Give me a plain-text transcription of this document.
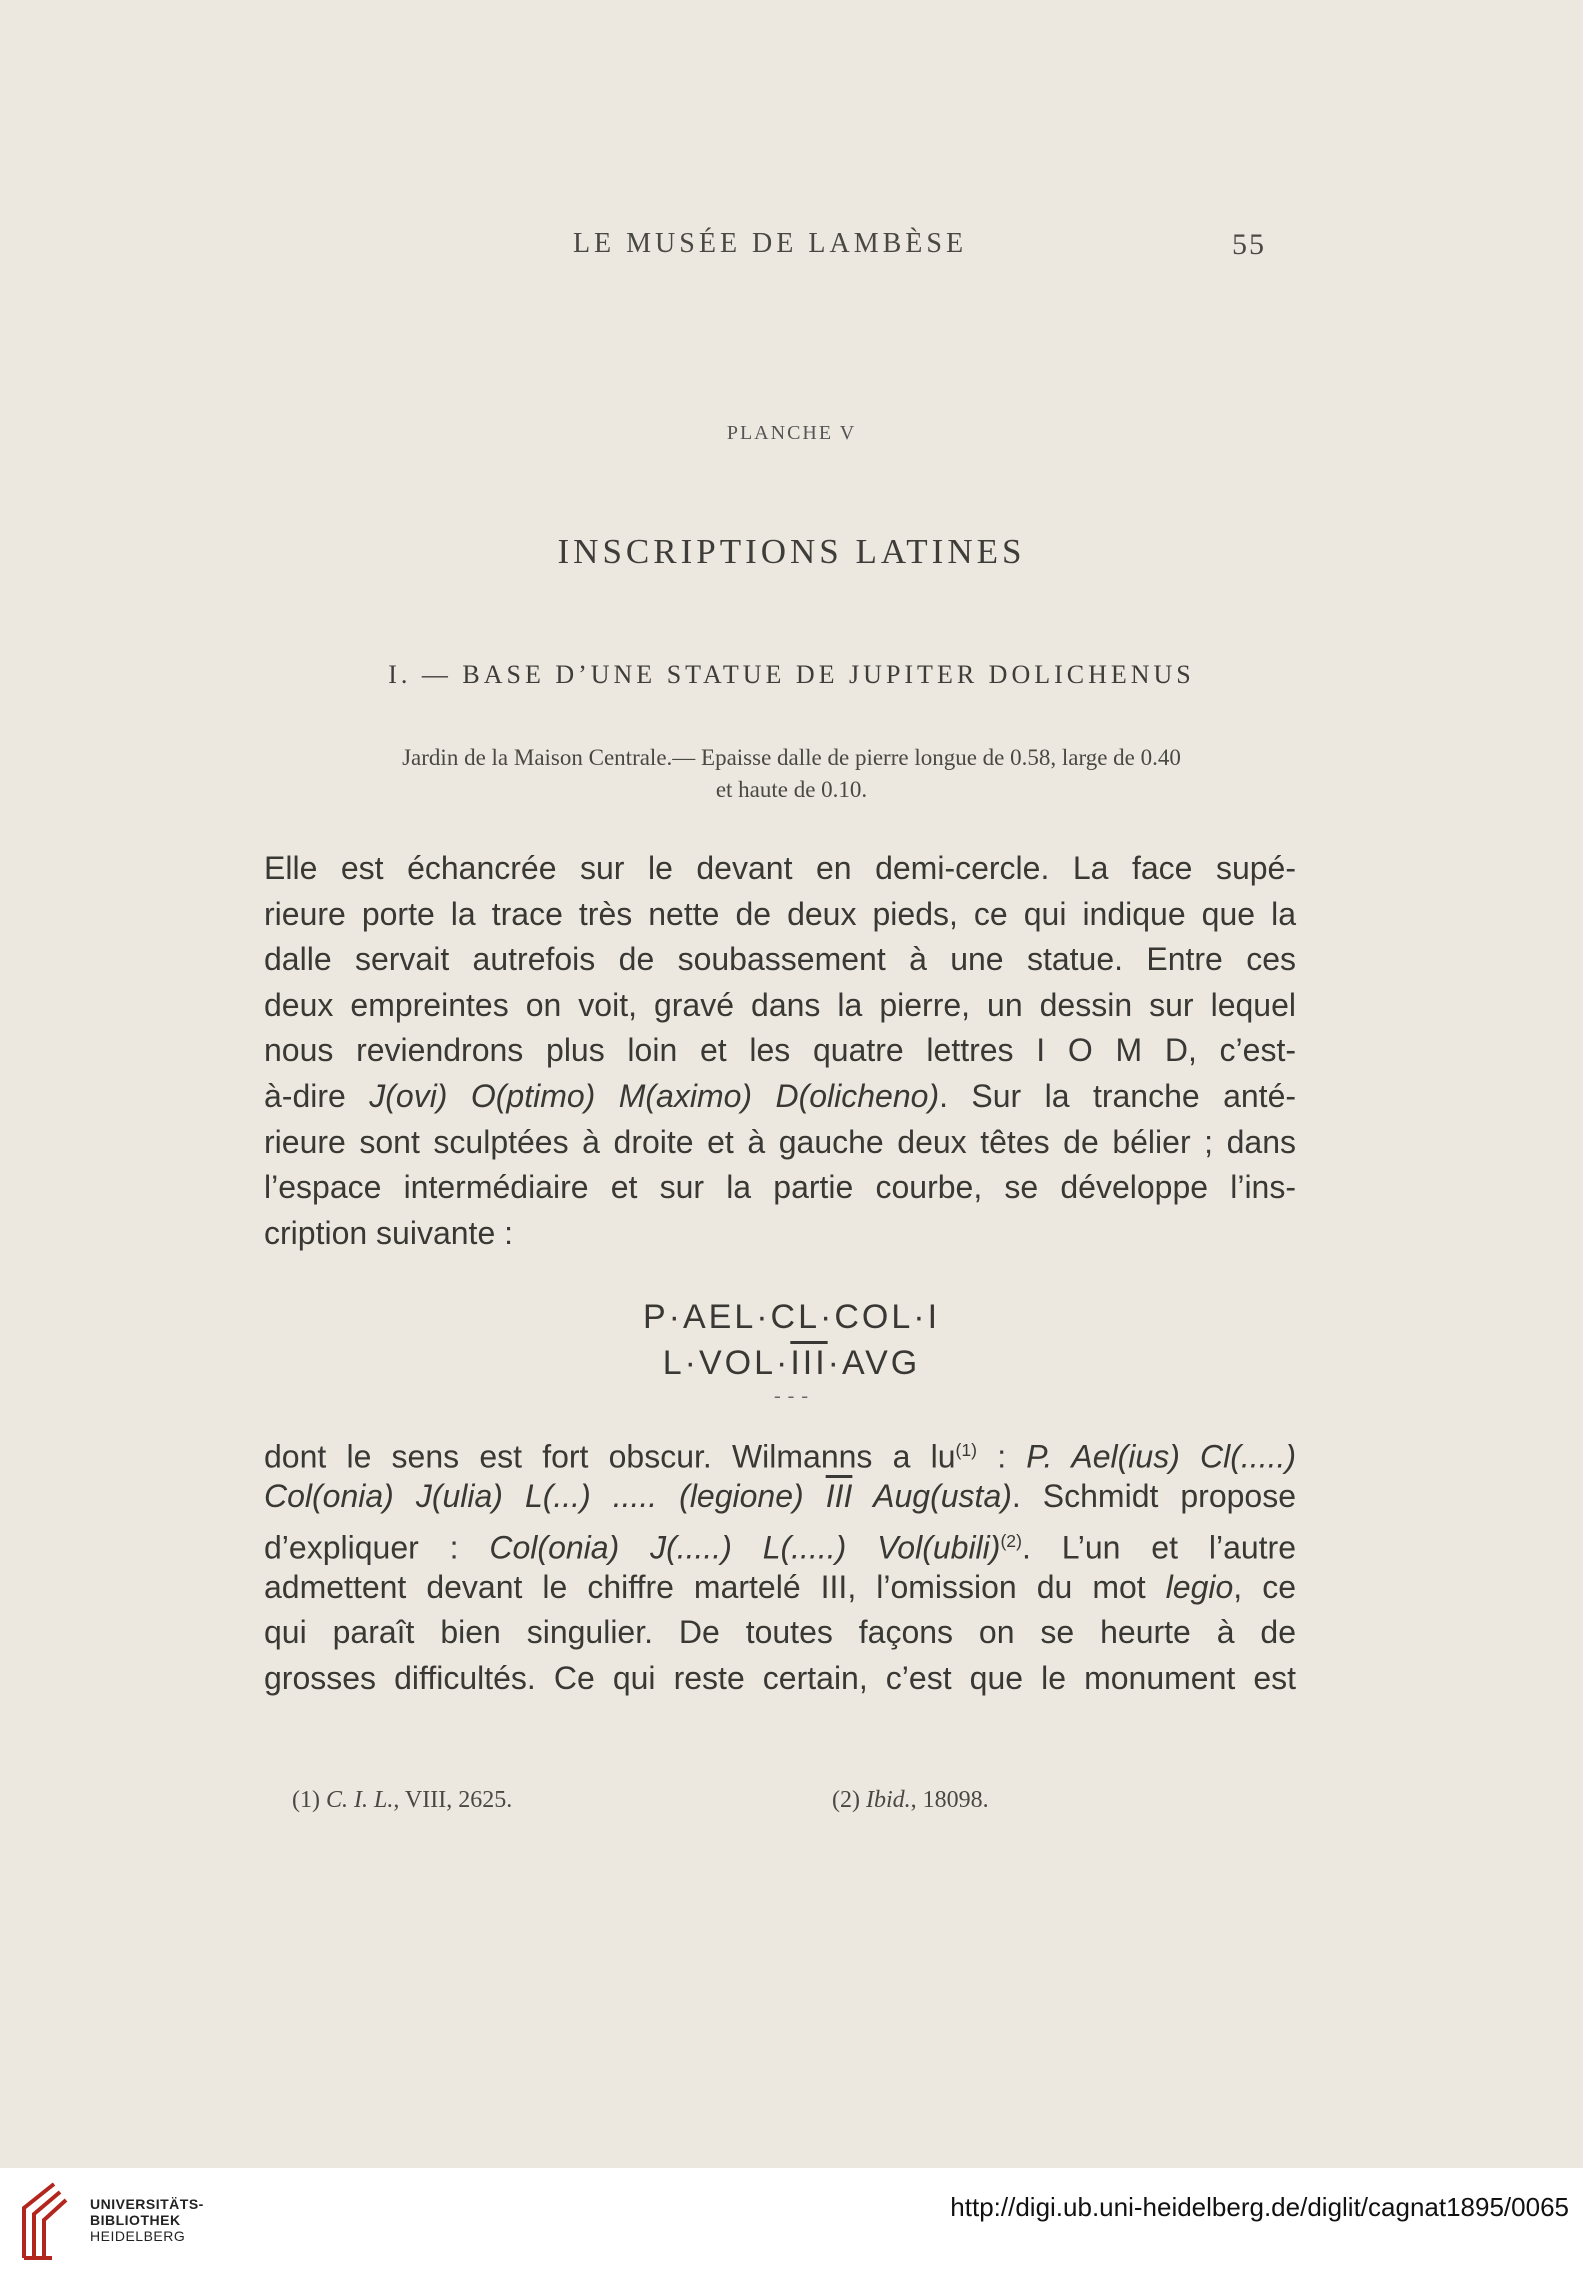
LE MUSÉE DE LAMBÈSE	55
PLANCHE V
INSCRIPTIONS LATINES
I. — BASE D’UNE STATUE DE JUPITER DOLICHENUS
Jardin de la Maison Centrale.— Epaisse dalle de pierre longue de 0.58, large de 0.40
et haute de 0.10.
Elle est échancrée sur le devant en demi-cercle. La face supé-
rieure porte la trace très nette de deux pieds, ce qui indique que la
dalle servait autrefois de soubassement à une statue. Entre ces
deux empreintes on voit, gravé dans la pierre, un dessin sur lequel
nous reviendrons plus loin et les quatre lettres I O M D, c’est-
à-dire J(ovi) O(ptimo) M(aximo) D(olicheno). Sur la tranche anté-
rieure sont sculptées à droite et à gauche deux têtes de bélier ; dans
l’espace intermédiaire et sur la partie courbe, se développe l’ins-
cription suivante :
P·AEL·CL·COL·I
$L\cdot VOL\cdot\overline{III}\cdot AVG$
- - -
dont le sens est fort obscur. Wilmanns a $lu^{(1)}$ : P. Ael(ius) Cl(.....)
Col(onia) J(ulia) L(...) ..... (legione) $\overline{III}$ Aug(usta). Schmidt propose
d’expliquer : Col(onia) J(.....) L(.....) Vol(ubili)$^{(2)}$. L’un et l’autre
admettent devant le chiffre martelé III, l’omission du mot legio, ce
qui paraît bien singulier. De toutes façons on se heurte à de
grosses difficultés. Ce qui reste certain, c’est que le monument est
(1) C. I. L., VIII, 2625.	(2) Ibid., 18098.
UNIVERSITÄTS-
BIBLIOTHEK
HEIDELBERG
http://digi.ub.uni-heidelberg.de/diglit/cagnat1895/0065
